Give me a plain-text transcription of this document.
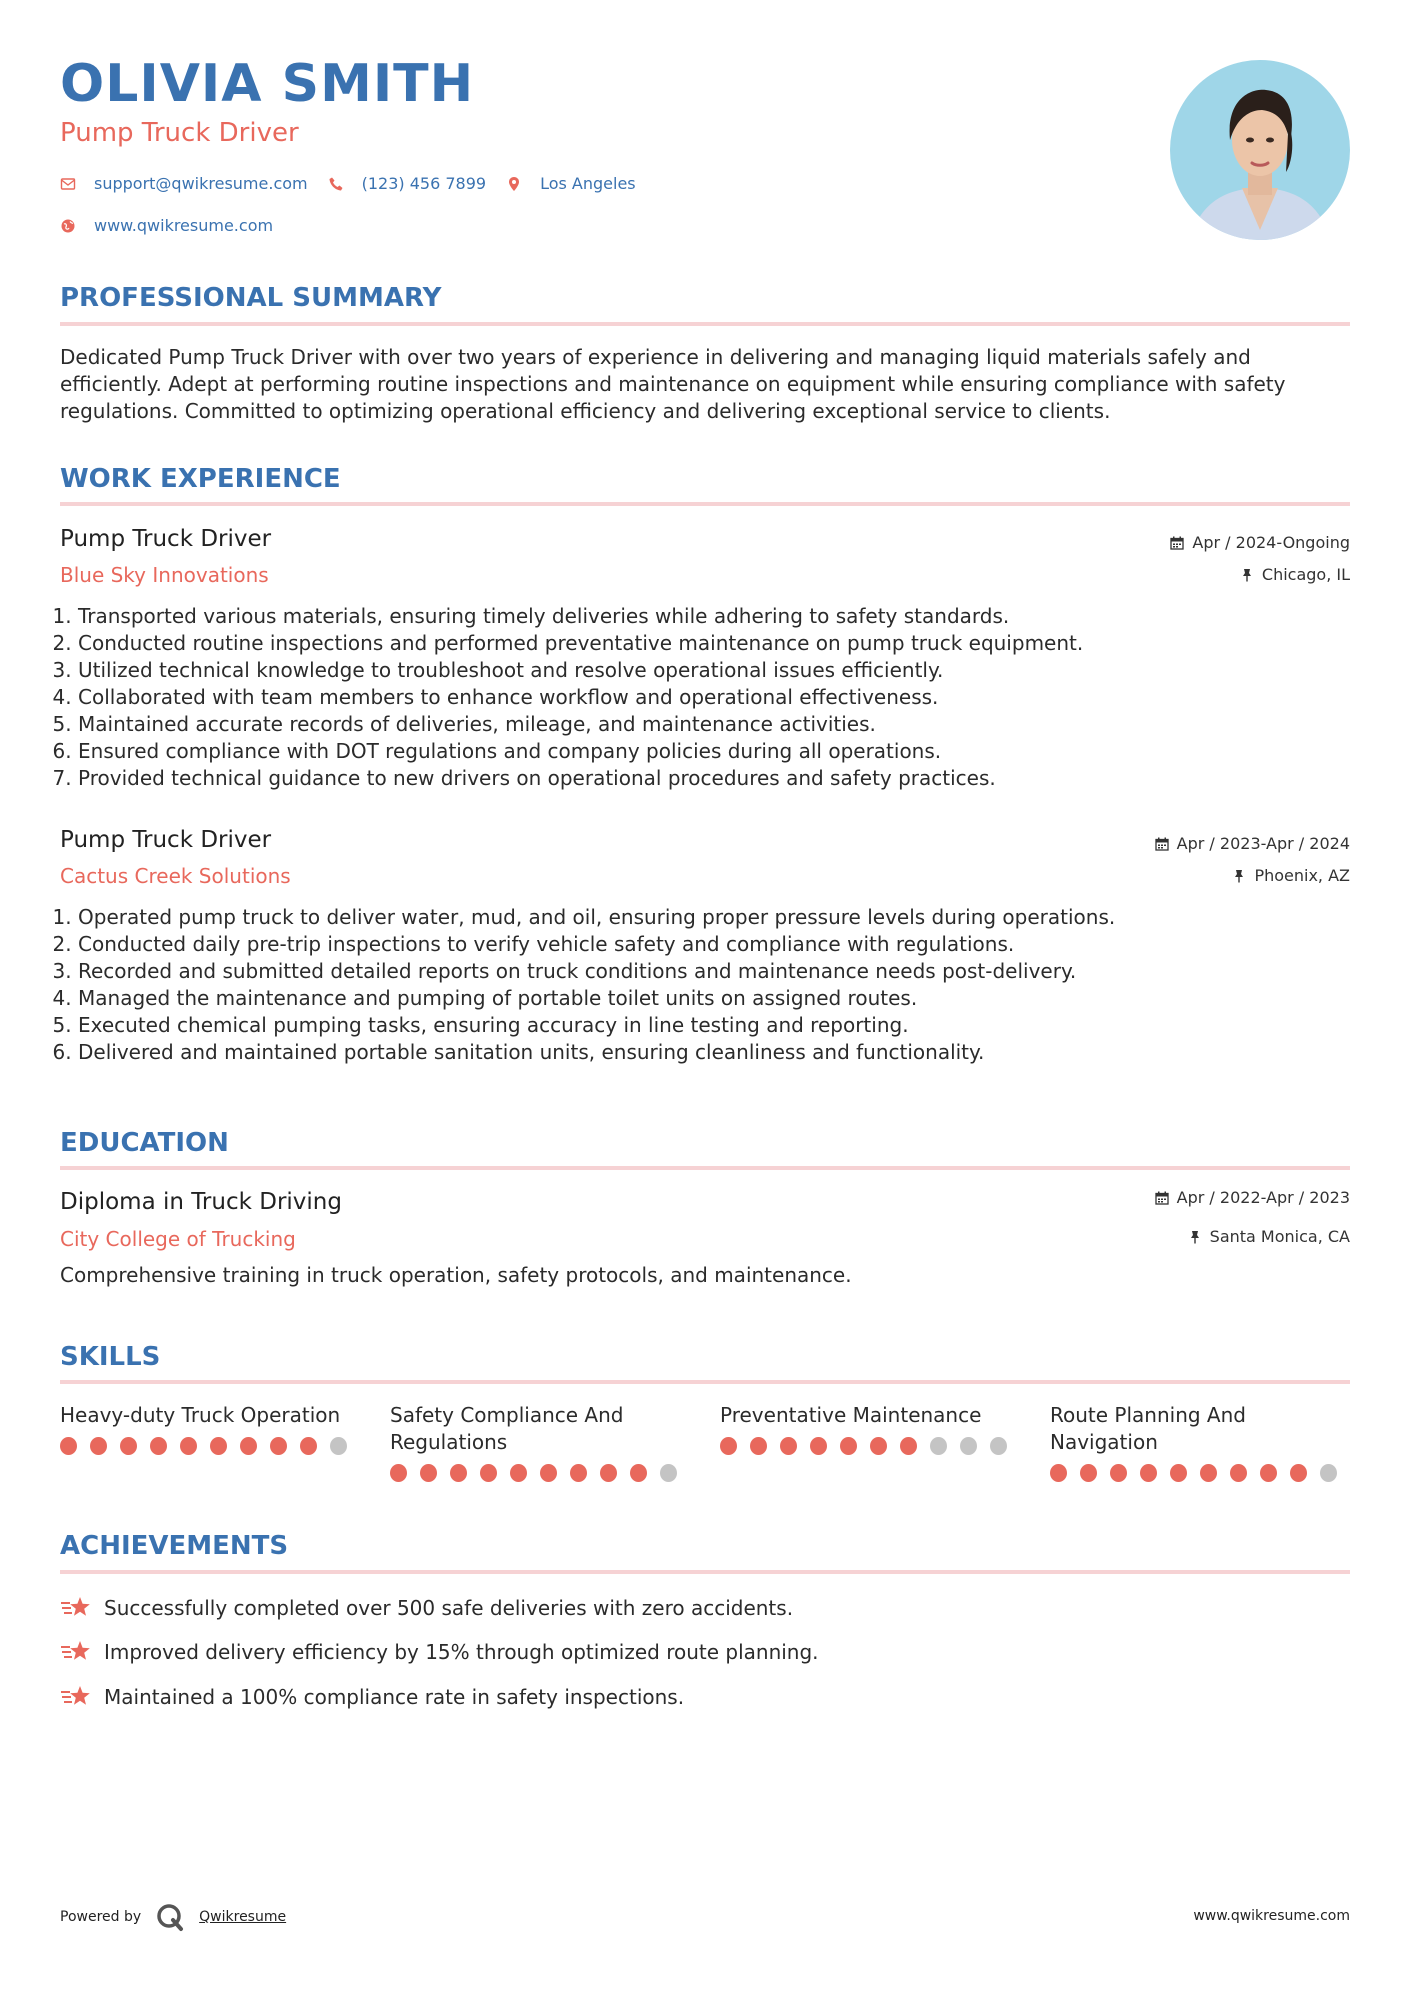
OLIVIA SMITH
Pump Truck Driver
support@qwikresume.com	(123) 456 7899	Los Angeles
www.qwikresume.com
PROFESSIONAL SUMMARY
Dedicated Pump Truck Driver with over two years of experience in delivering and managing liquid materials safely and efficiently. Adept at performing routine inspections and maintenance on equipment while ensuring compliance with safety regulations. Committed to optimizing operational efficiency and delivering exceptional service to clients.
WORK EXPERIENCE
Pump Truck Driver
Blue Sky Innovations
Apr / 2024-Ongoing
Chicago, IL
1. Transported various materials, ensuring timely deliveries while adhering to safety standards.
2. Conducted routine inspections and performed preventative maintenance on pump truck equipment.
3. Utilized technical knowledge to troubleshoot and resolve operational issues efficiently.
4. Collaborated with team members to enhance workflow and operational effectiveness.
5. Maintained accurate records of deliveries, mileage, and maintenance activities.
6. Ensured compliance with DOT regulations and company policies during all operations.
7. Provided technical guidance to new drivers on operational procedures and safety practices.
Pump Truck Driver
Cactus Creek Solutions
Apr / 2023-Apr / 2024
Phoenix, AZ
1. Operated pump truck to deliver water, mud, and oil, ensuring proper pressure levels during operations.
2. Conducted daily pre-trip inspections to verify vehicle safety and compliance with regulations.
3. Recorded and submitted detailed reports on truck conditions and maintenance needs post-delivery.
4. Managed the maintenance and pumping of portable toilet units on assigned routes.
5. Executed chemical pumping tasks, ensuring accuracy in line testing and reporting.
6. Delivered and maintained portable sanitation units, ensuring cleanliness and functionality.
EDUCATION
Diploma in Truck Driving
City College of Trucking
Apr / 2022-Apr / 2023
Santa Monica, CA
Comprehensive training in truck operation, safety protocols, and maintenance.
SKILLS
Heavy-duty Truck Operation	Safety Compliance And Regulations
Preventative Maintenance	Route Planning And Navigation
ACHIEVEMENTS
Successfully completed over 500 safe deliveries with zero accidents.
Improved delivery efficiency by 15% through optimized route planning.
Maintained a 100% compliance rate in safety inspections.
Powered by	Qwikresume	www.qwikresume.com
